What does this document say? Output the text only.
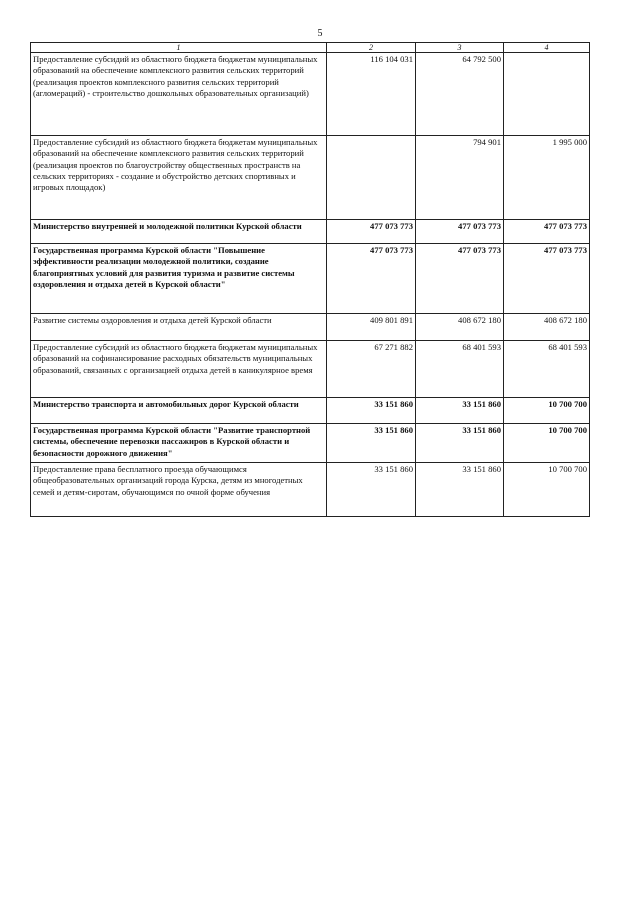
5
1	2	3	4
Предоставление субсидий из областного бюджета бюджетам муниципальных образований на обеспечение комплексного развития сельских территорий (реализация проектов комплексного развития сельских территорий (агломераций) - строительство дошкольных образовательных организаций)	116 104 031	64 792 500	
Предоставление субсидий из областного бюджета бюджетам муниципальных образований на обеспечение комплексного развития сельских территорий (реализация проектов по благоустройству общественных пространств на сельских территориях - создание и обустройство детских спортивных и игровых площадок)		794 901	1 995 000
Министерство внутренней и молодежной политики Курской области	477 073 773	477 073 773	477 073 773
Государственная программа Курской области "Повышение эффективности реализации молодежной политики, создание благоприятных условий для развития туризма и развитие системы оздоровления и отдыха детей в Курской области"	477 073 773	477 073 773	477 073 773
Развитие системы оздоровления и отдыха детей Курской области	409 801 891	408 672 180	408 672 180
Предоставление субсидий из областного бюджета бюджетам муниципальных образований на софинансирование расходных обязательств муниципальных образований, связанных с организацией отдыха детей в каникулярное время	67 271 882	68 401 593	68 401 593
Министерство транспорта и автомобильных дорог Курской области	33 151 860	33 151 860	10 700 700
Государственная программа Курской области "Развитие транспортной системы, обеспечение перевозки пассажиров в Курской области и безопасности дорожного движения"	33 151 860	33 151 860	10 700 700
Предоставление права бесплатного проезда обучающимся общеобразовательных организаций города Курска, детям из многодетных семей и детям-сиротам, обучающимся по очной форме обучения	33 151 860	33 151 860	10 700 700
